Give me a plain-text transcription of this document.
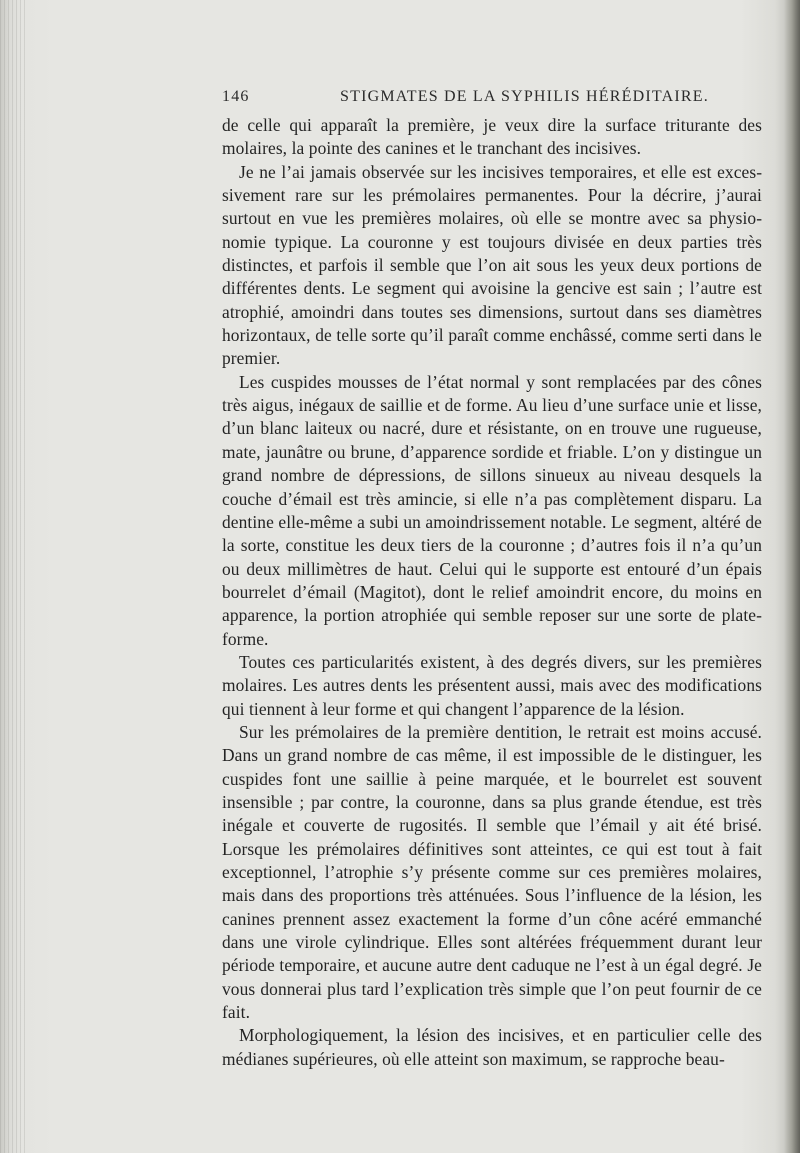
146	STIGMATES DE LA SYPHILIS HÉRÉDITAIRE.

de celle qui apparaît la première, je veux dire la surface triturante des molaires, la pointe des canines et le tranchant des incisives.

Je ne l’ai jamais observée sur les incisives temporaires, et elle est excessivement rare sur les prémolaires permanentes. Pour la décrire, j’aurai surtout en vue les premières molaires, où elle se montre avec sa physionomie typique. La couronne y est toujours divisée en deux parties très distinctes, et parfois il semble que l’on ait sous les yeux deux portions de différentes dents. Le segment qui avoisine la gencive est sain ; l’autre est atrophié, amoindri dans toutes ses dimensions, surtout dans ses diamètres horizontaux, de telle sorte qu’il paraît comme enchâssé, comme serti dans le premier.

Les cuspides mousses de l’état normal y sont remplacées par des cônes très aigus, inégaux de saillie et de forme. Au lieu d’une surface unie et lisse, d’un blanc laiteux ou nacré, dure et résistante, on en trouve une rugueuse, mate, jaunâtre ou brune, d’apparence sordide et friable. L’on y distingue un grand nombre de dépressions, de sillons sinueux au niveau desquels la couche d’émail est très amincie, si elle n’a pas complètement disparu. La dentine elle-même a subi un amoindrissement notable. Le segment, altéré de la sorte, constitue les deux tiers de la couronne ; d’autres fois il n’a qu’un ou deux millimètres de haut. Celui qui le supporte est entouré d’un épais bourrelet d’émail (Magitot), dont le relief amoindrit encore, du moins en apparence, la portion atrophiée qui semble reposer sur une sorte de plate-forme.

Toutes ces particularités existent, à des degrés divers, sur les premières molaires. Les autres dents les présentent aussi, mais avec des modifications qui tiennent à leur forme et qui changent l’apparence de la lésion.

Sur les prémolaires de la première dentition, le retrait est moins accusé. Dans un grand nombre de cas même, il est impossible de le distinguer, les cuspides font une saillie à peine marquée, et le bourrelet est souvent insensible ; par contre, la couronne, dans sa plus grande étendue, est très inégale et couverte de rugosités. Il semble que l’émail y ait été brisé. Lorsque les prémolaires définitives sont atteintes, ce qui est tout à fait exceptionnel, l’atrophie s’y présente comme sur ces premières molaires, mais dans des proportions très atténuées. Sous l’influence de la lésion, les canines prennent assez exactement la forme d’un cône acéré emmanché dans une virole cylindrique. Elles sont altérées fréquemment durant leur période temporaire, et aucune autre dent caduque ne l’est à un égal degré. Je vous donnerai plus tard l’explication très simple que l’on peut fournir de ce fait.

Morphologiquement, la lésion des incisives, et en particulier celle des médianes supérieures, où elle atteint son maximum, se rapproche beau-
